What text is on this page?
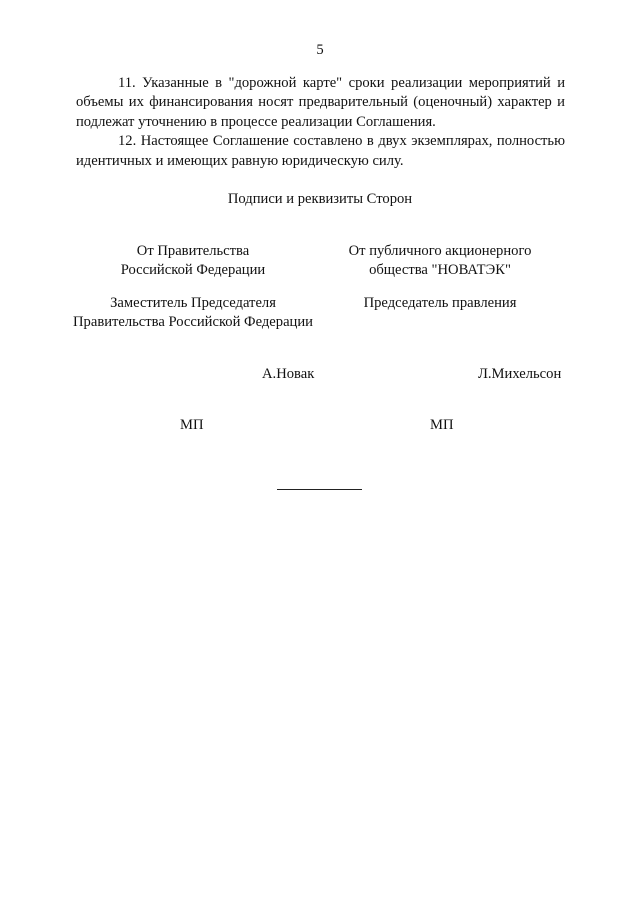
5

11. Указанные в "дорожной карте" сроки реализации мероприятий и объемы их финансирования носят предварительный (оценочный) характер и подлежат уточнению в процессе реализации Соглашения.

12. Настоящее Соглашение составлено в двух экземплярах, полностью идентичных и имеющих равную юридическую силу.

Подписи и реквизиты Сторон
От Правительства
Российской Федерации
От публичного акционерного
общества "НОВАТЭК"
Заместитель Председателя
Правительства Российской Федерации
Председатель правления
А.Новак	Л.Михельсон
МП	МП
